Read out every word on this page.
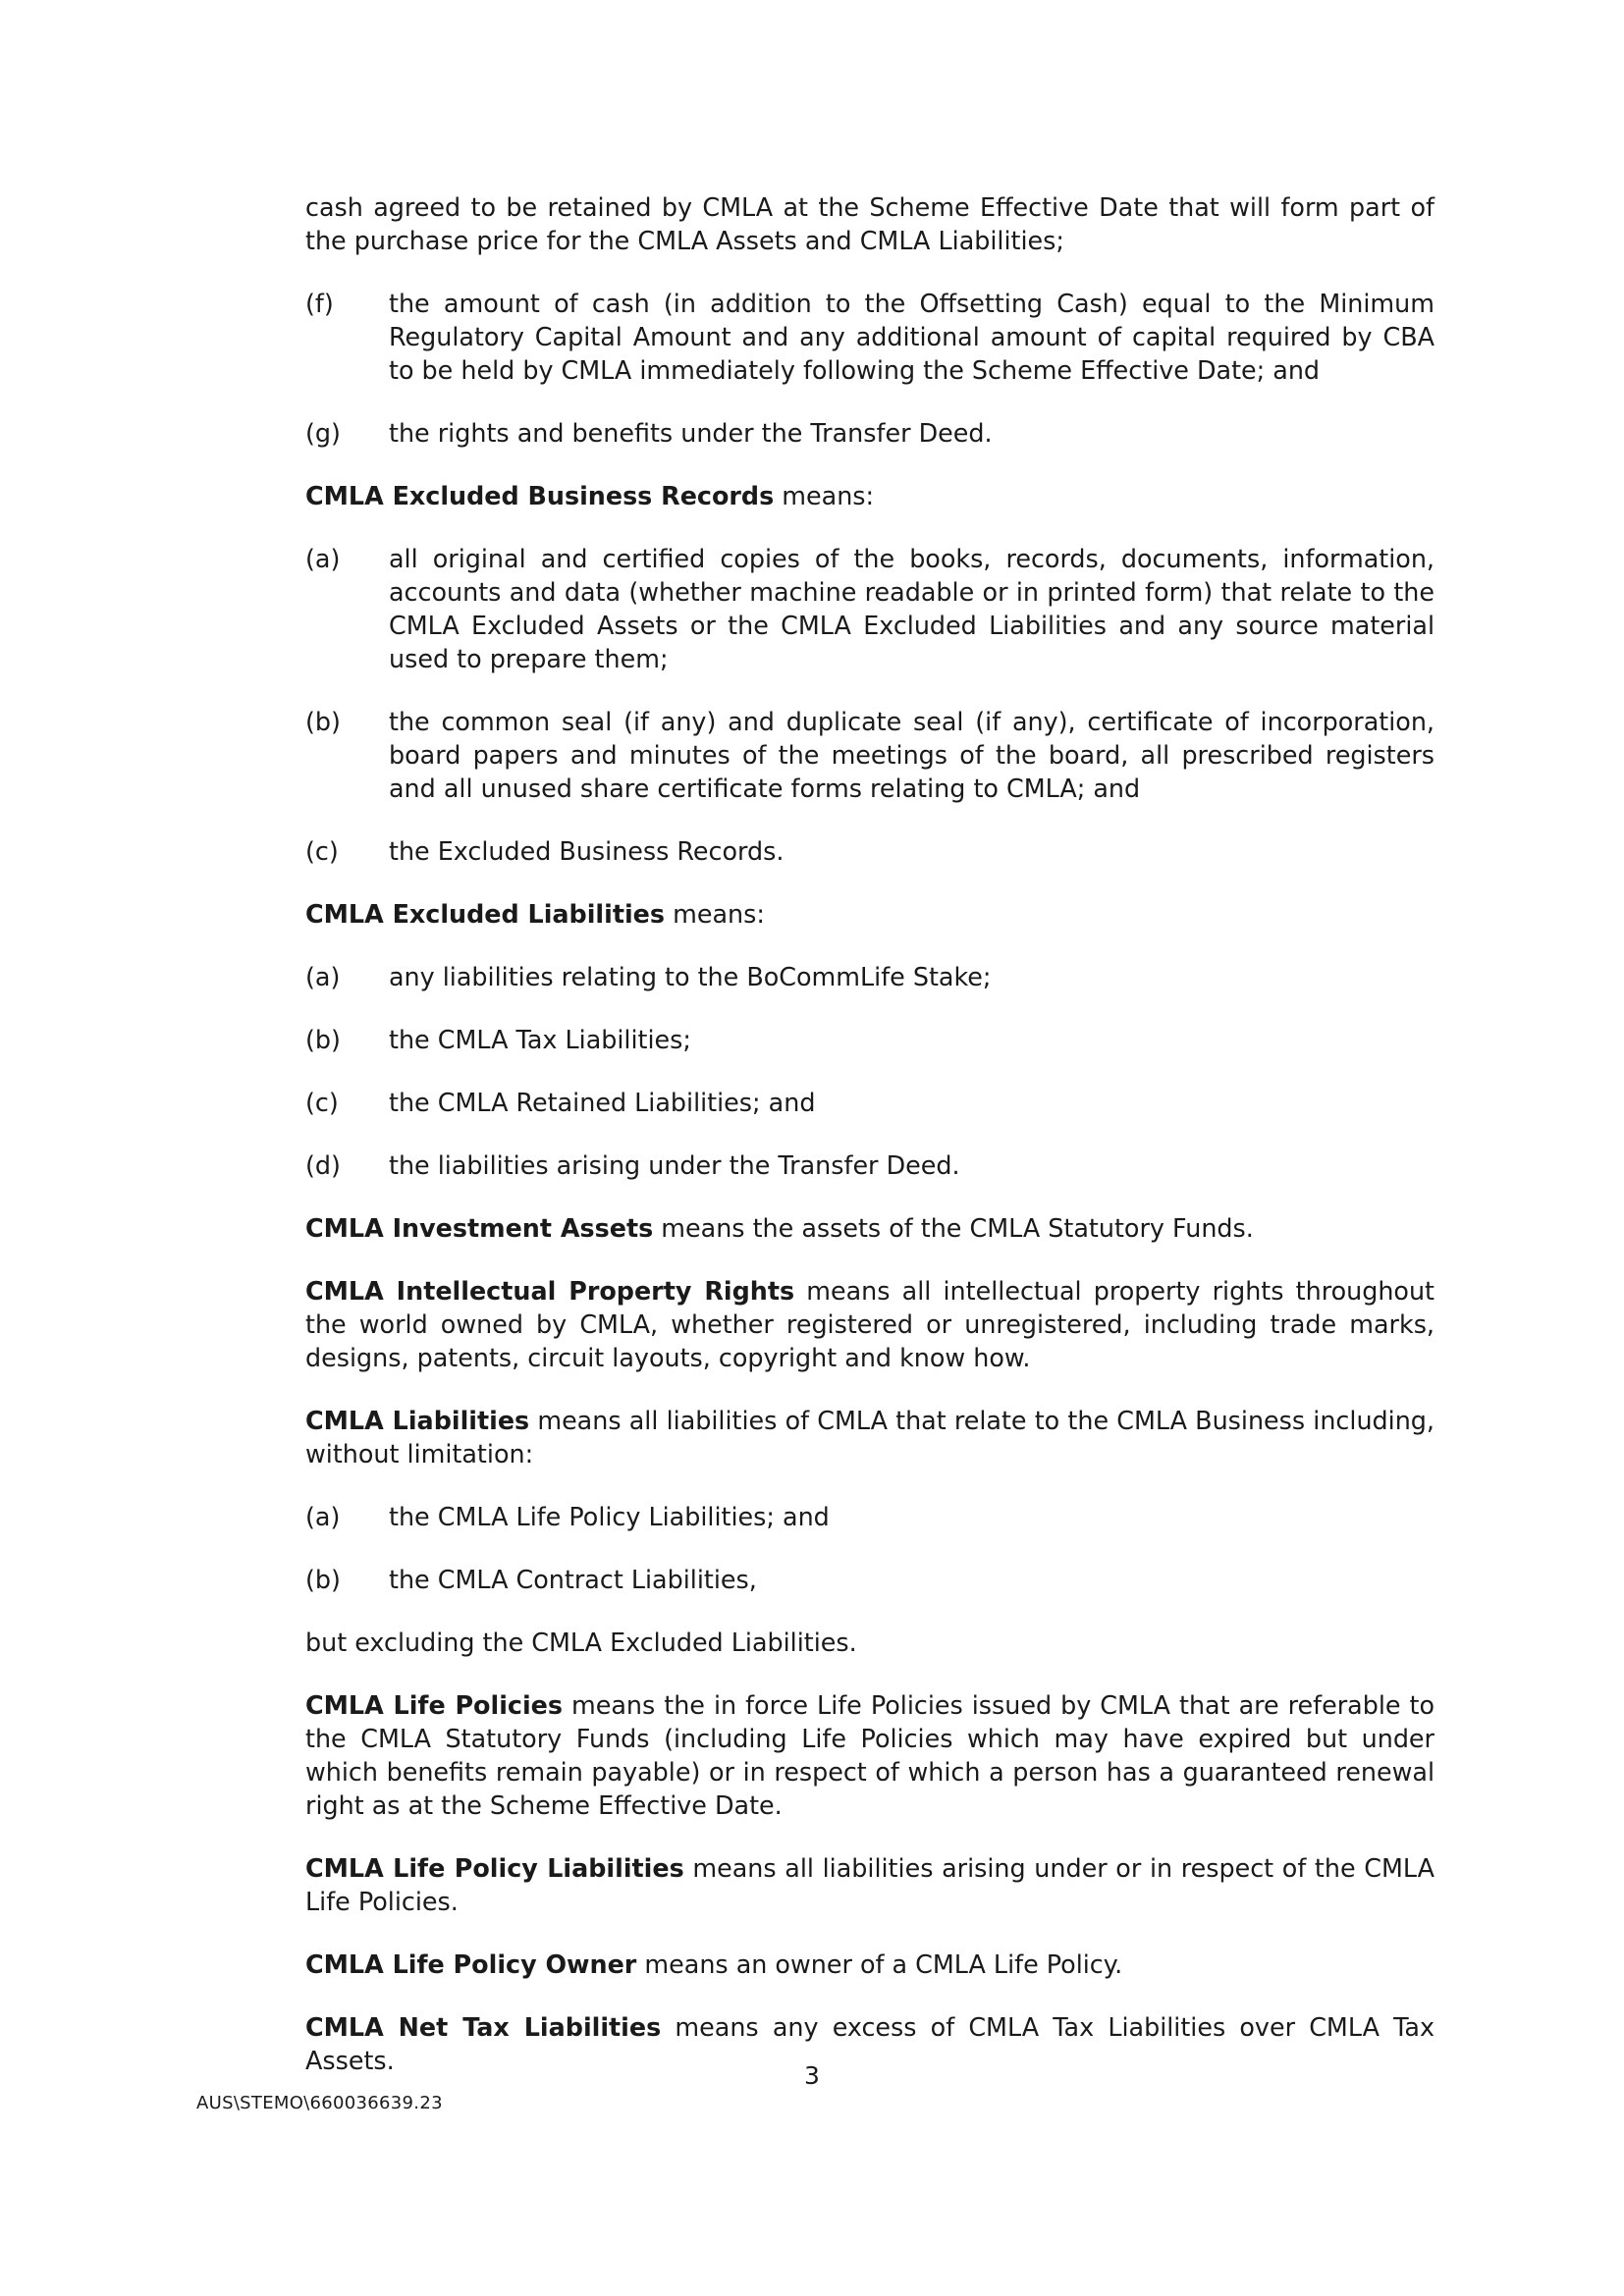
cash agreed to be retained by CMLA at the Scheme Effective Date that will form part of the purchase price for the CMLA Assets and CMLA Liabilities;

(f)	the amount of cash (in addition to the Offsetting Cash) equal to the Minimum Regulatory Capital Amount and any additional amount of capital required by CBA to be held by CMLA immediately following the Scheme Effective Date; and
(g)	the rights and benefits under the Transfer Deed.

CMLA Excluded Business Records means:

(a)	all original and certified copies of the books, records, documents, information, accounts and data (whether machine readable or in printed form) that relate to the CMLA Excluded Assets or the CMLA Excluded Liabilities and any source material used to prepare them;
(b)	the common seal (if any) and duplicate seal (if any), certificate of incorporation, board papers and minutes of the meetings of the board, all prescribed registers and all unused share certificate forms relating to CMLA; and
(c)	the Excluded Business Records.

CMLA Excluded Liabilities means:

(a)	any liabilities relating to the BoCommLife Stake;
(b)	the CMLA Tax Liabilities;
(c)	the CMLA Retained Liabilities; and
(d)	the liabilities arising under the Transfer Deed.

CMLA Investment Assets means the assets of the CMLA Statutory Funds.

CMLA Intellectual Property Rights means all intellectual property rights throughout the world owned by CMLA, whether registered or unregistered, including trade marks, designs, patents, circuit layouts, copyright and know how.

CMLA Liabilities means all liabilities of CMLA that relate to the CMLA Business including, without limitation:

(a)	the CMLA Life Policy Liabilities; and
(b)	the CMLA Contract Liabilities,

but excluding the CMLA Excluded Liabilities.

CMLA Life Policies means the in force Life Policies issued by CMLA that are referable to the CMLA Statutory Funds (including Life Policies which may have expired but under which benefits remain payable) or in respect of which a person has a guaranteed renewal right as at the Scheme Effective Date.

CMLA Life Policy Liabilities means all liabilities arising under or in respect of the CMLA Life Policies.

CMLA Life Policy Owner means an owner of a CMLA Life Policy.

CMLA Net Tax Liabilities means any excess of CMLA Tax Liabilities over CMLA Tax Assets.

3
AUS\STEMO\660036639.23
